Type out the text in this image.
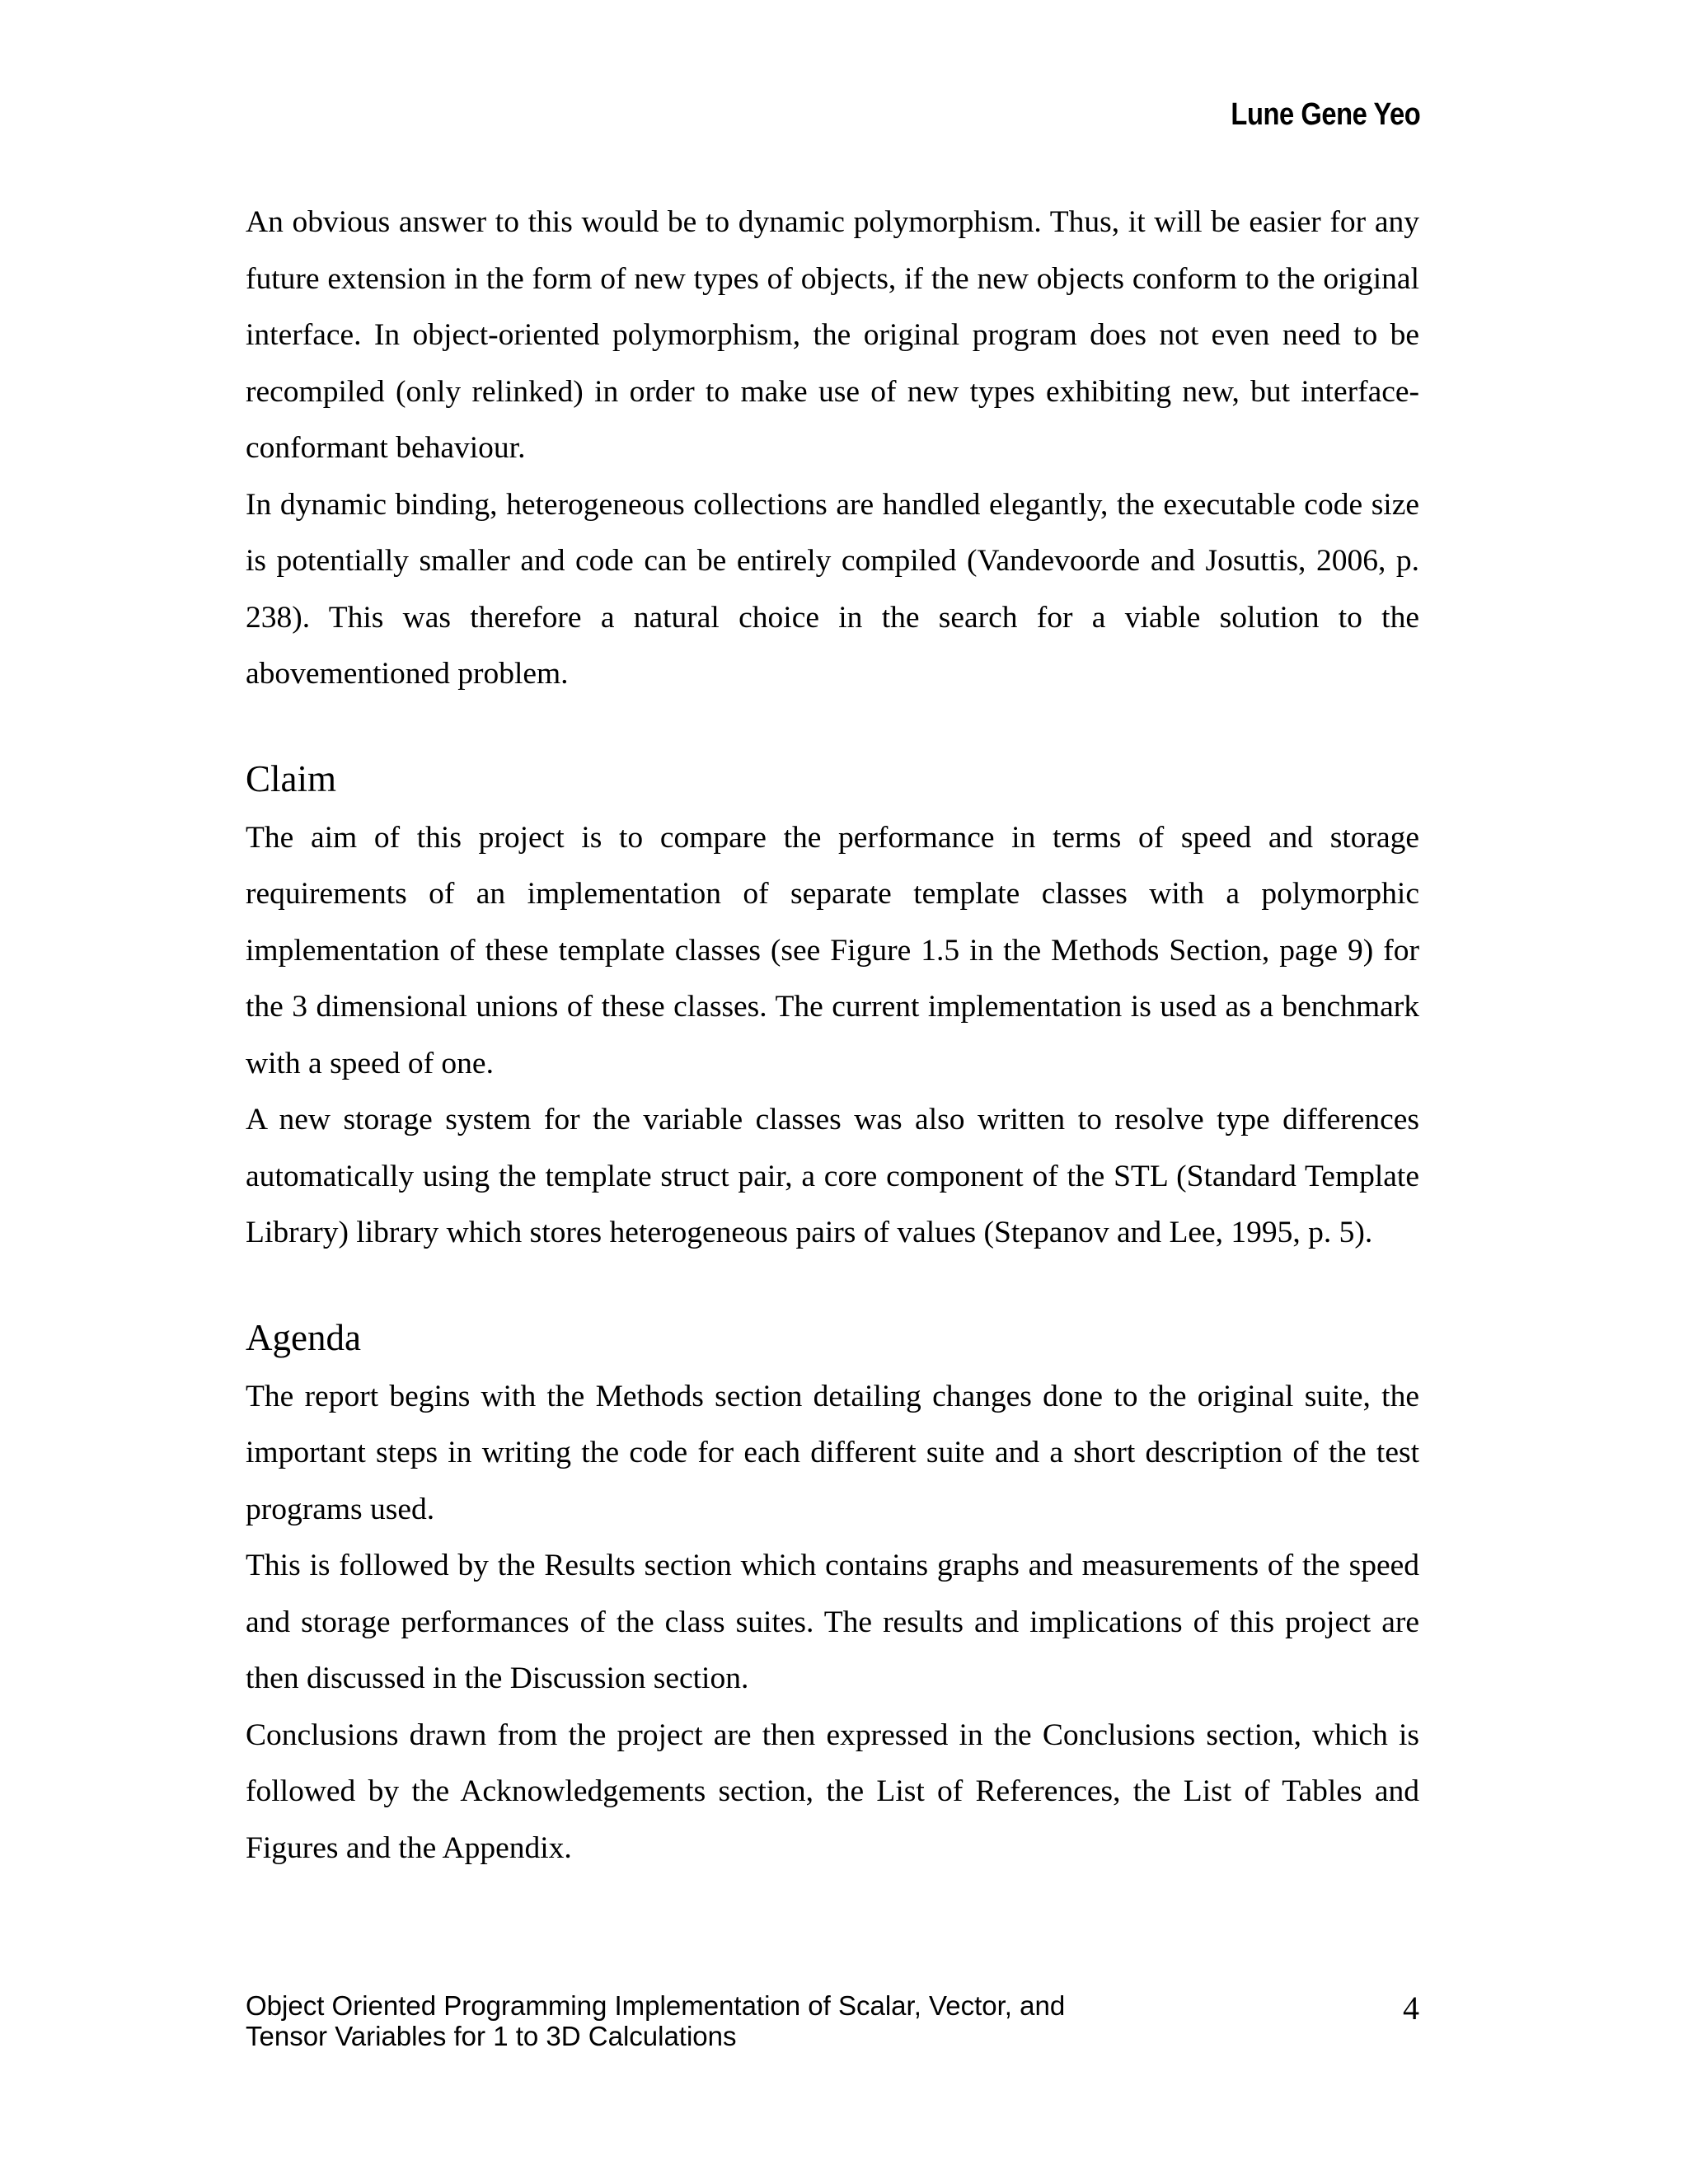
Lune Gene Yeo

An obvious answer to this would be to dynamic polymorphism. Thus, it will be easier for any future extension in the form of new types of objects, if the new objects conform to the original interface. In object-oriented polymorphism, the original program does not even need to be recompiled (only relinked) in order to make use of new types exhibiting new, but interface-conformant behaviour.

In dynamic binding, heterogeneous collections are handled elegantly, the executable code size is potentially smaller and code can be entirely compiled (Vandevoorde and Josuttis, 2006, p. 238). This was therefore a natural choice in the search for a viable solution to the abovementioned problem.

Claim

The aim of this project is to compare the performance in terms of speed and storage requirements of an implementation of separate template classes with a polymorphic implementation of these template classes (see Figure 1.5 in the Methods Section, page 9) for the 3 dimensional unions of these classes. The current implementation is used as a benchmark with a speed of one.

A new storage system for the variable classes was also written to resolve type differences automatically using the template struct pair, a core component of the STL (Standard Template Library) library which stores heterogeneous pairs of values (Stepanov and Lee, 1995, p. 5).

Agenda

The report begins with the Methods section detailing changes done to the original suite, the important steps in writing the code for each different suite and a short description of the test programs used.

This is followed by the Results section which contains graphs and measurements of the speed and storage performances of the class suites. The results and implications of this project are then discussed in the Discussion section.

Conclusions drawn from the project are then expressed in the Conclusions section, which is followed by the Acknowledgements section, the List of References, the List of Tables and Figures and the Appendix.

Object Oriented Programming Implementation of Scalar, Vector, and
Tensor Variables for 1 to 3D Calculations
4
